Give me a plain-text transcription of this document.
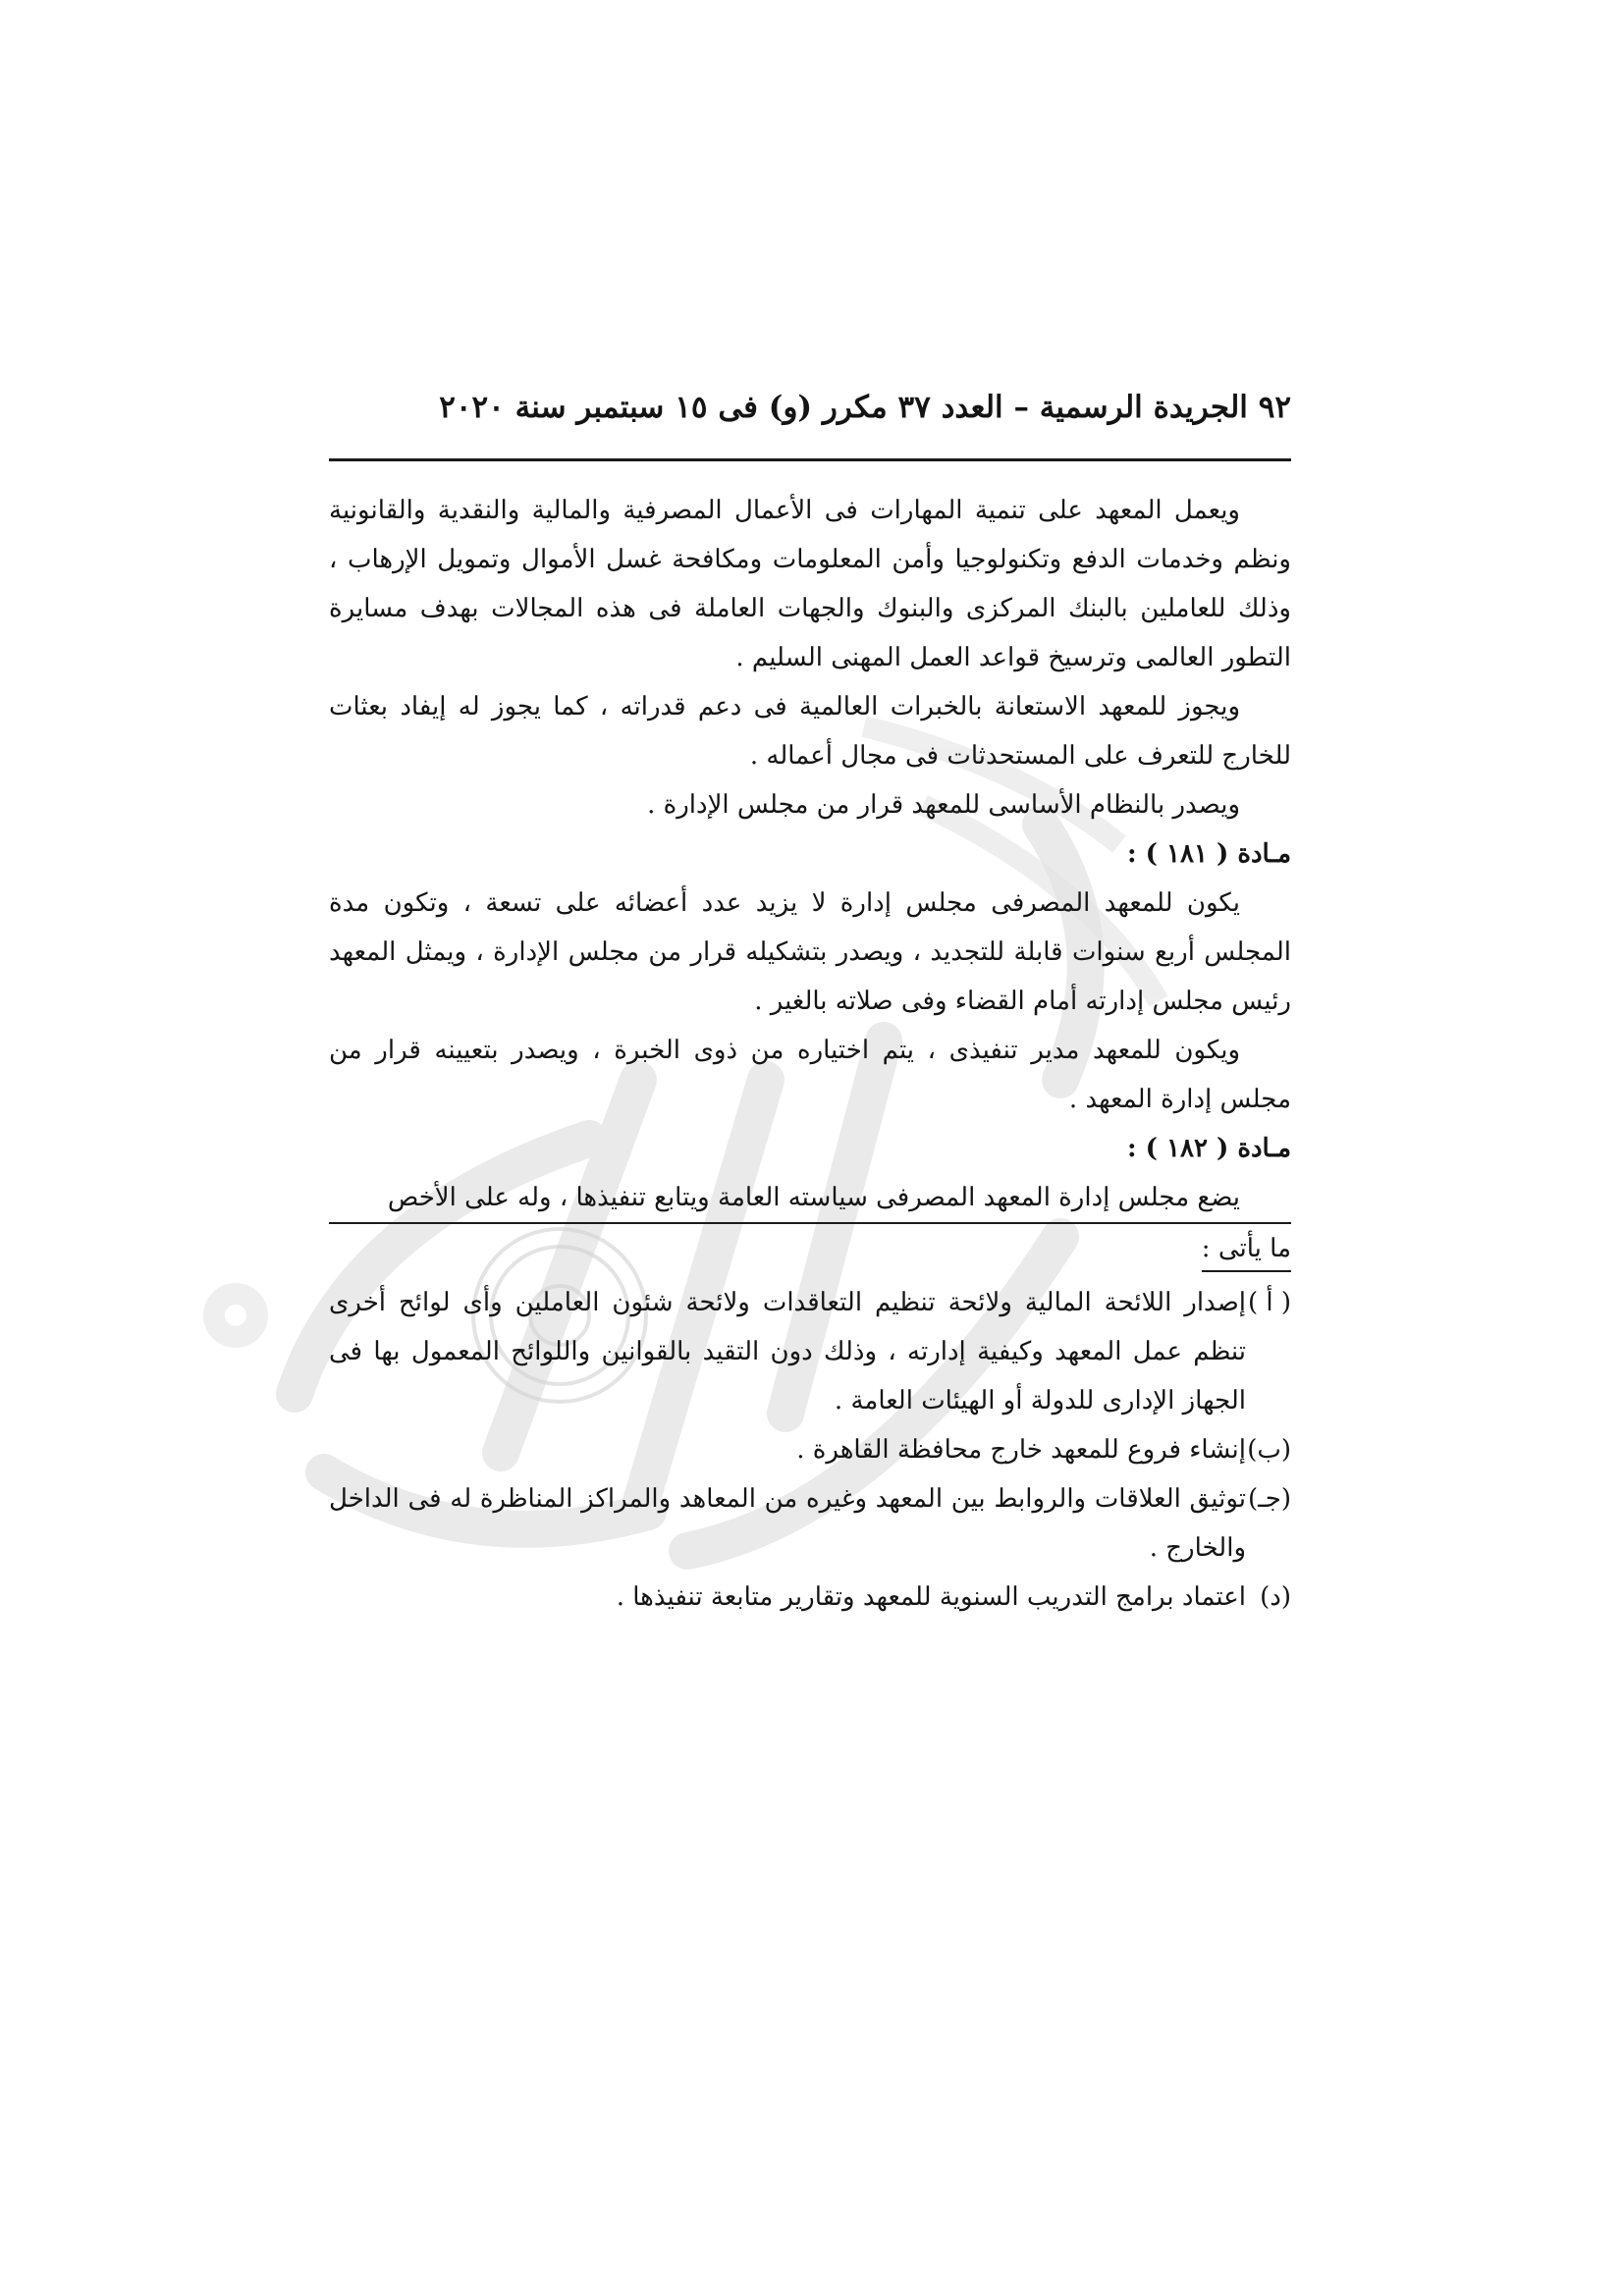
٩٢ الجريدة الرسمية – العدد ٣٧ مكرر (و) فى ١٥ سبتمبر سنة ٢٠٢٠

ويعمل المعهد على تنمية المهارات فى الأعمال المصرفية والمالية والنقدية والقانونية ونظم وخدمات الدفع وتكنولوجيا وأمن المعلومات ومكافحة غسل الأموال وتمويل الإرهاب ، وذلك للعاملين بالبنك المركزى والبنوك والجهات العاملة فى هذه المجالات بهدف مسايرة التطور العالمى وترسيخ قواعد العمل المهنى السليم .

ويجوز للمعهد الاستعانة بالخبرات العالمية فى دعم قدراته ، كما يجوز له إيفاد بعثات للخارج للتعرف على المستحدثات فى مجال أعماله .

ويصدر بالنظام الأساسى للمعهد قرار من مجلس الإدارة .

مـادة ( ١٨١ ) :

يكون للمعهد المصرفى مجلس إدارة لا يزيد عدد أعضائه على تسعة ، وتكون مدة المجلس أربع سنوات قابلة للتجديد ، ويصدر بتشكيله قرار من مجلس الإدارة ، ويمثل المعهد رئيس مجلس إدارته أمام القضاء وفى صلاته بالغير .

ويكون للمعهد مدير تنفيذى ، يتم اختياره من ذوى الخبرة ، ويصدر بتعيينه قرار من مجلس إدارة المعهد .

مـادة ( ١٨٢ ) :

يضع مجلس إدارة المعهد المصرفى سياسته العامة ويتابع تنفيذها ، وله على الأخص

ما يأتى :

( أ )
إصدار اللائحة المالية ولائحة تنظيم التعاقدات ولائحة شئون العاملين وأى لوائح أخرى تنظم عمل المعهد وكيفية إدارته ، وذلك دون التقيد بالقوانين واللوائح المعمول بها فى الجهاز الإدارى للدولة أو الهيئات العامة .
(ب)
إنشاء فروع للمعهد خارج محافظة القاهرة .
(جـ)
توثيق العلاقات والروابط بين المعهد وغيره من المعاهد والمراكز المناظرة له فى الداخل والخارج .
(د)
اعتماد برامج التدريب السنوية للمعهد وتقارير متابعة تنفيذها .
